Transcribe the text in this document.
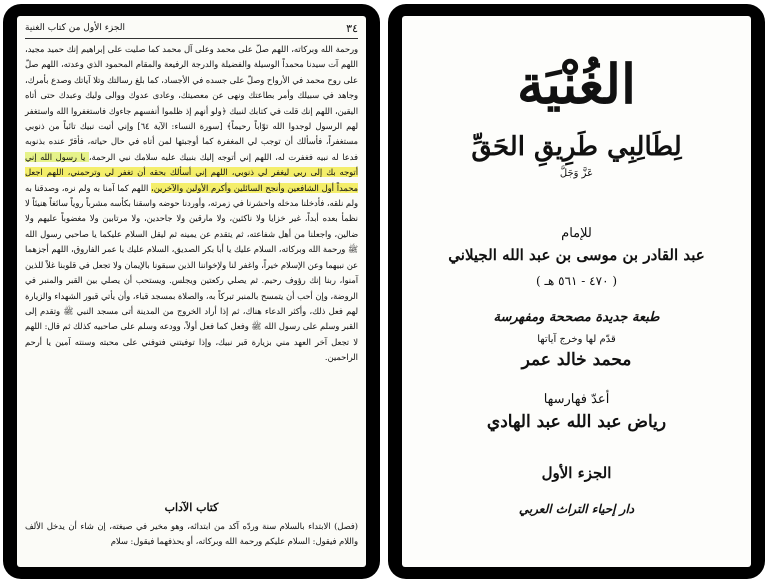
٣٤
الجزء الأول من كتاب الغنية

ورحمة الله وبركاته، اللهم صلّ على محمد وعلى آل محمد كما صليت على إبراهيم إنك حميد مجيد، اللهم آت سيدنا محمداً الوسيلة والفضيلة والدرجة الرفيعة والمقام المحمود الذي وعدته، اللهم صلّ على روح محمد في الأرواح وصلّ على جسده في الأجساد، كما بلغ رسالتك وتلا آياتك وصدع بأمرك، وجاهد في سبيلك وأمر بطاعتك ونهى عن معصيتك، وعادى عدوك ووالى وليك وعبدك حتى أتاه اليقين، اللهم إنك قلت في كتابك لنبيك ﴿ولو أنهم إذ ظلموا أنفسهم جاءوك فاستغفروا الله واستغفر لهم الرسول لوجدوا الله توّاباً رحيماً﴾ [سورة النساء: الآية ٦٤] وإني أتيت نبيك تائباً من ذنوبي مستغفراً، فأسألك أن توجب لي المغفرة كما أوجبتها لمن أتاه في حال حياته، فأقرّ عنده بذنوبه فدعا له نبيه فغفرت له، اللهم إني أتوجه إليك بنبيك عليه سلامك نبي الرحمة، يا رسول الله إني أتوجه بك إلى ربي ليغفر لي ذنوبي، اللهم إني أسألك بحقه أن تغفر لي وترحمني، اللهم اجعل محمداً أول الشافعين وأنجح السائلين وأكرم الأولين والآخرين، اللهم كما آمنا به ولم نره، وصدقنا به ولم نلقه، فأدخلنا مدخله واحشرنا في زمرته، وأوردنا حوضه واسقنا بكأسه مشرباً روياً سائغاً هنيئاً لا نظمأ بعده أبداً، غير خزايا ولا ناكثين، ولا مارقين ولا جاحدين، ولا مرتابين ولا مغضوباً عليهم ولا ضالين، واجعلنا من أهل شفاعته، ثم يتقدم عن يمينه ثم ليقل السلام عليكما يا صاحبي رسول الله ﷺ ورحمة الله وبركاته، السلام عليك يا أبا بكر الصديق، السلام عليك يا عمر الفاروق، اللهم أجزهما عن نبيهما وعن الإسلام خيراً، واغفر لنا ولإخواننا الذين سبقونا بالإيمان ولا تجعل في قلوبنا غلاً للذين آمنوا، ربنا إنك رؤوف رحيم. ثم يصلي ركعتين ويجلس. ويستحب أن يصلي بين القبر والمنبر في الروضة، وإن أحب أن يتمسح بالمنبر تبركاً به، والصلاة بمسجد قباء، وأن يأتي قبور الشهداء والزيارة لهم فعل ذلك، وأكثر الدعاء هناك، ثم إذا أراد الخروج من المدينة أتى مسجد النبي ﷺ وتقدم إلى القبر وسلم على رسول الله ﷺ وفعل كما فعل أولاً، وودعه وسلم على صاحبيه كذلك ثم قال: اللهم لا تجعل آخر العهد مني بزيارة قبر نبيك، وإذا توفيتني فتوفني على محبته وسنته آمين يا أرحم الراحمين.

كتاب الآداب
(فصل) الابتداء بالسلام سنة وردّه آكد من ابتدائه، وهو مخير في صيغته، إن شاء أن يدخل الألف واللام فيقول: السلام عليكم ورحمة الله وبركاته، أو يحذفهما فيقول: سلام
الغُنْيَة
لِطَالِبِي طَرِيقِ الحَقِّ
عَزَّ وَجَلَّ
للإمام
عبد القادر بن موسى بن عبد الله الجيلاني
( ٤٧٠ - ٥٦١ هـ )
طبعة جديدة مصححة ومفهرسة
قدّم لها وخرج آياتها
محمد خالد عمر
أعدّ فهارسها
رياض عبد الله عبد الهادي
الجزء الأول
دار إحياء التراث العربي
